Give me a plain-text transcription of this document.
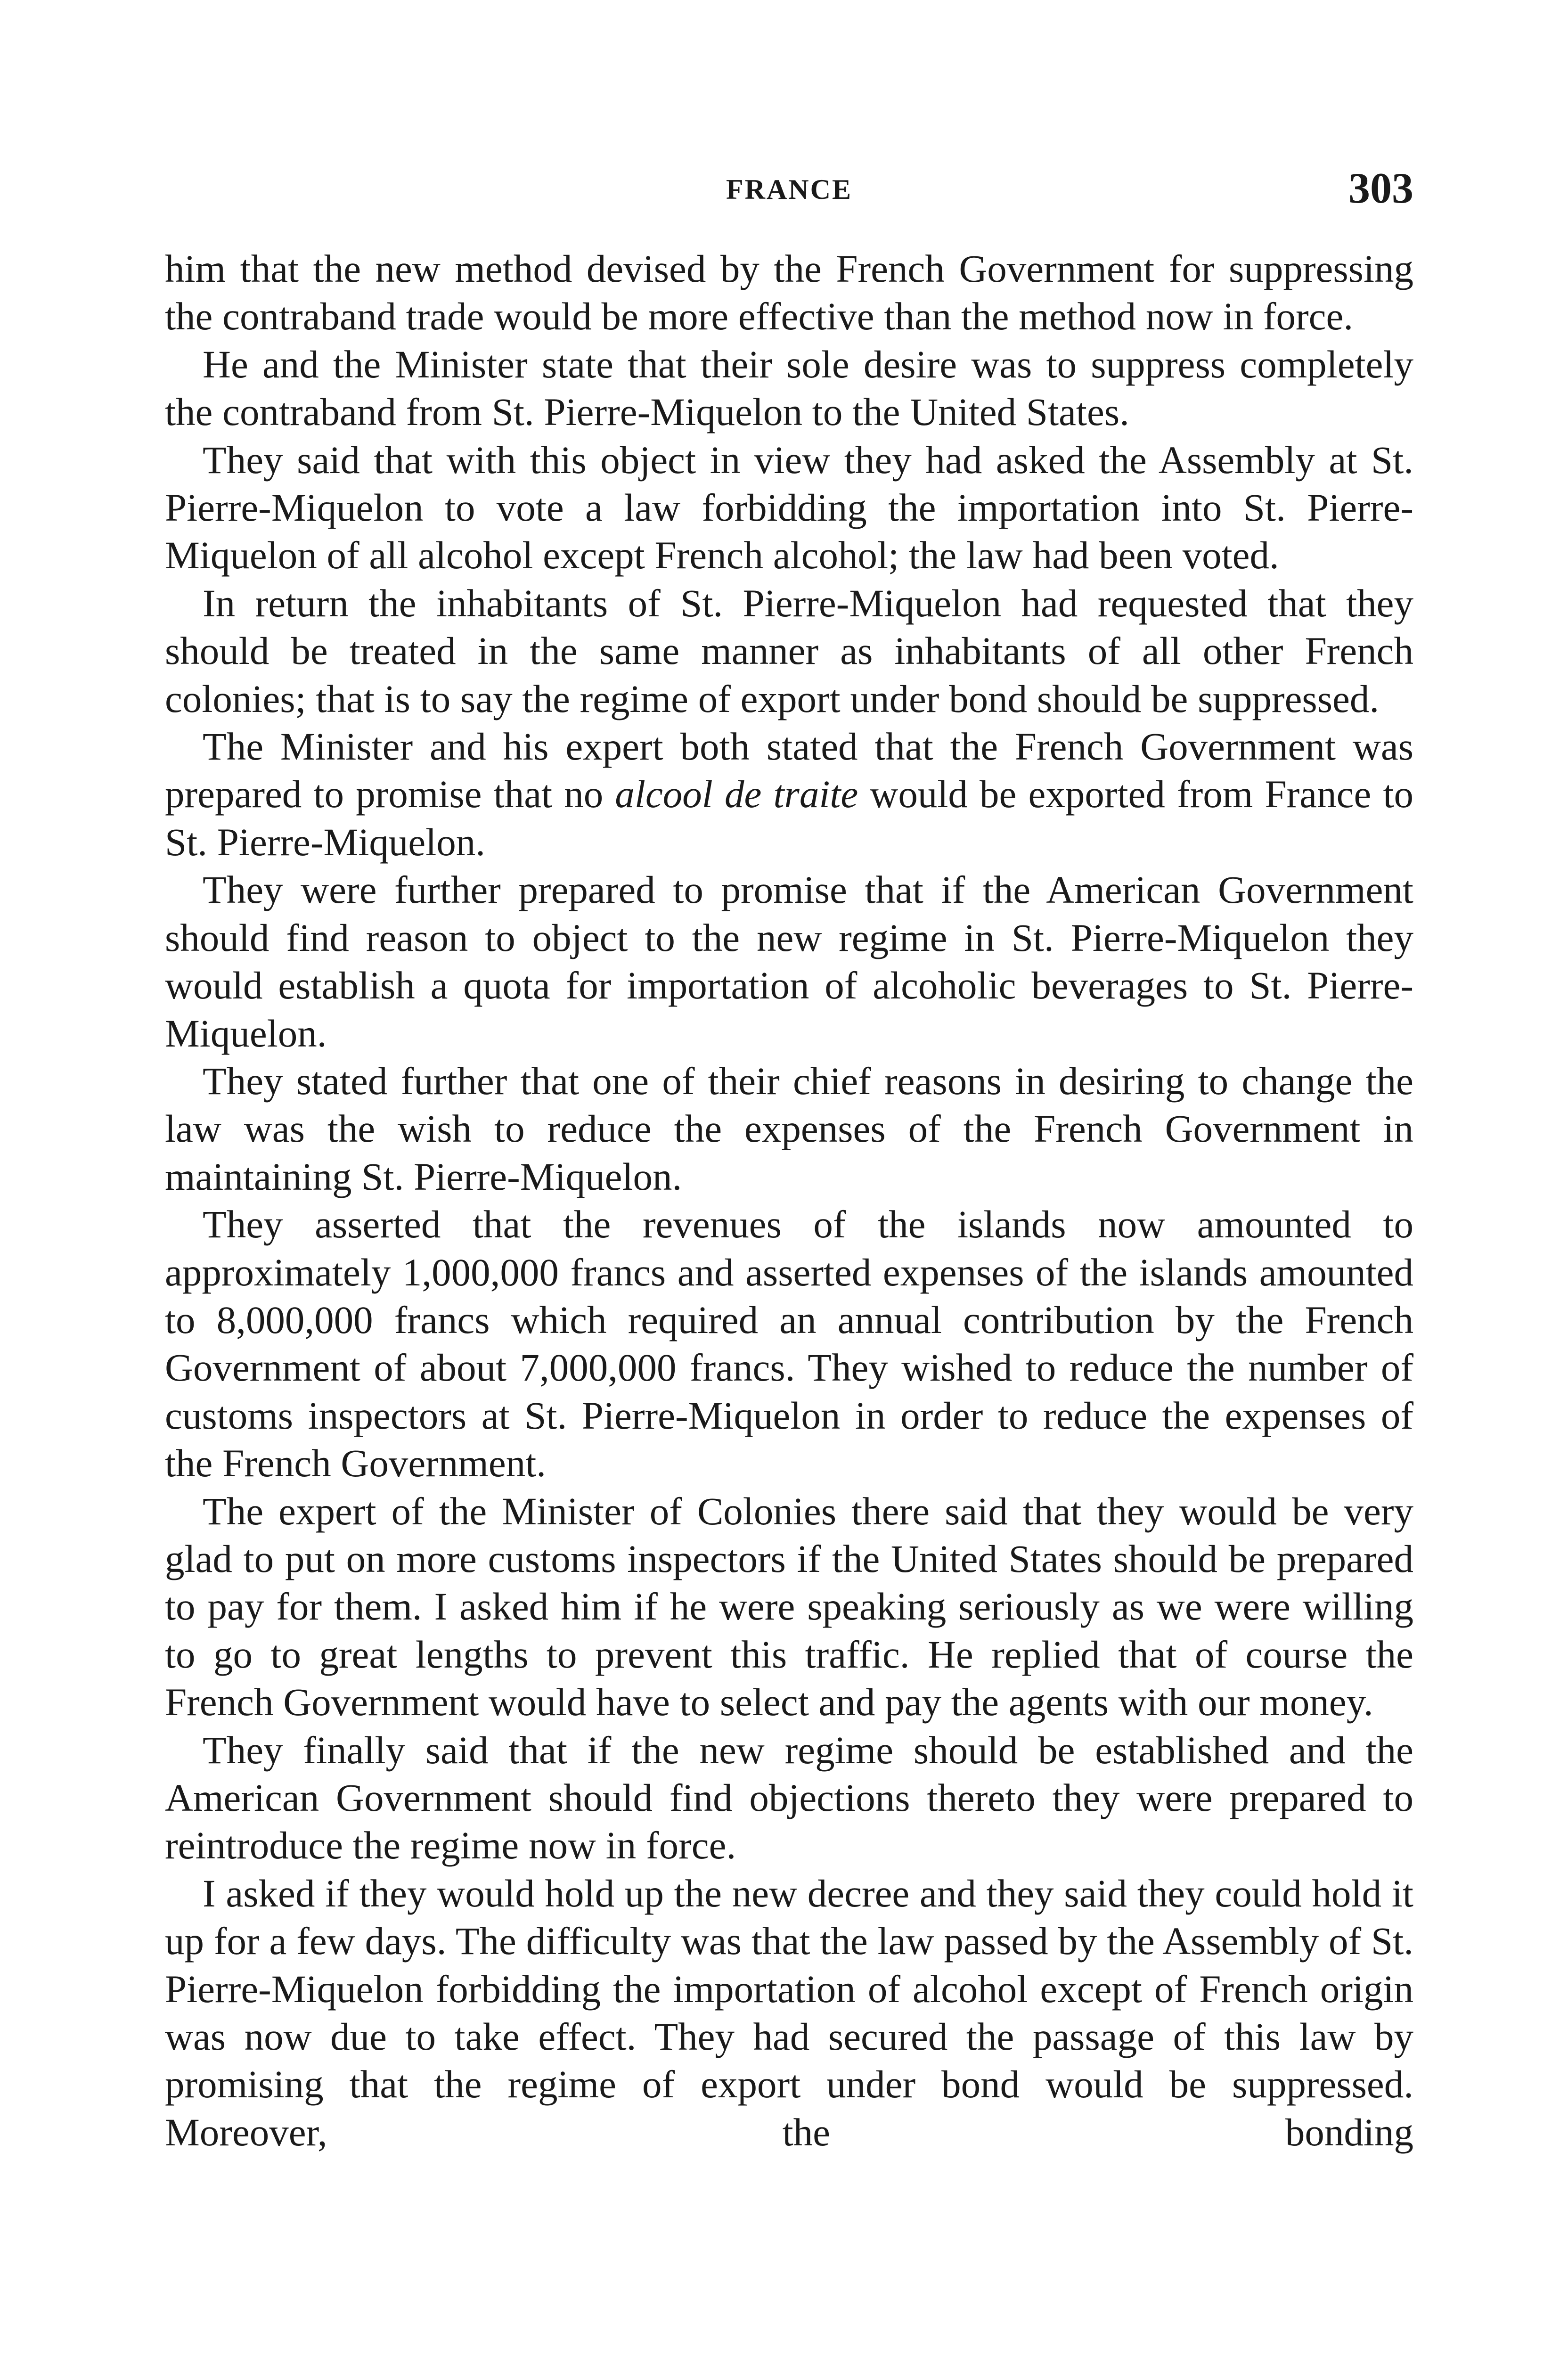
FRANCE	303

him that the new method devised by the French Government for suppressing the contraband trade would be more effective than the method now in force.

He and the Minister state that their sole desire was to suppress completely the contraband from St. Pierre-Miquelon to the United States.

They said that with this object in view they had asked the Assembly at St. Pierre-Miquelon to vote a law forbidding the importation into St. Pierre-Miquelon of all alcohol except French alcohol; the law had been voted.

In return the inhabitants of St. Pierre-Miquelon had requested that they should be treated in the same manner as inhabitants of all other French colonies; that is to say the regime of export under bond should be suppressed.

The Minister and his expert both stated that the French Government was prepared to promise that no alcool de traite would be exported from France to St. Pierre-Miquelon.

They were further prepared to promise that if the American Government should find reason to object to the new regime in St. Pierre-Miquelon they would establish a quota for importation of alcoholic beverages to St. Pierre-Miquelon.

They stated further that one of their chief reasons in desiring to change the law was the wish to reduce the expenses of the French Government in maintaining St. Pierre-Miquelon.

They asserted that the revenues of the islands now amounted to approximately 1,000,000 francs and asserted expenses of the islands amounted to 8,000,000 francs which required an annual contribution by the French Government of about 7,000,000 francs. They wished to reduce the number of customs inspectors at St. Pierre-Miquelon in order to reduce the expenses of the French Government.

The expert of the Minister of Colonies there said that they would be very glad to put on more customs inspectors if the United States should be prepared to pay for them. I asked him if he were speaking seriously as we were willing to go to great lengths to prevent this traffic. He replied that of course the French Government would have to select and pay the agents with our money.

They finally said that if the new regime should be established and the American Government should find objections thereto they were prepared to reintroduce the regime now in force.

I asked if they would hold up the new decree and they said they could hold it up for a few days. The difficulty was that the law passed by the Assembly of St. Pierre-Miquelon forbidding the importation of alcohol except of French origin was now due to take effect. They had secured the passage of this law by promising that the regime of export under bond would be suppressed. Moreover, the bonding
